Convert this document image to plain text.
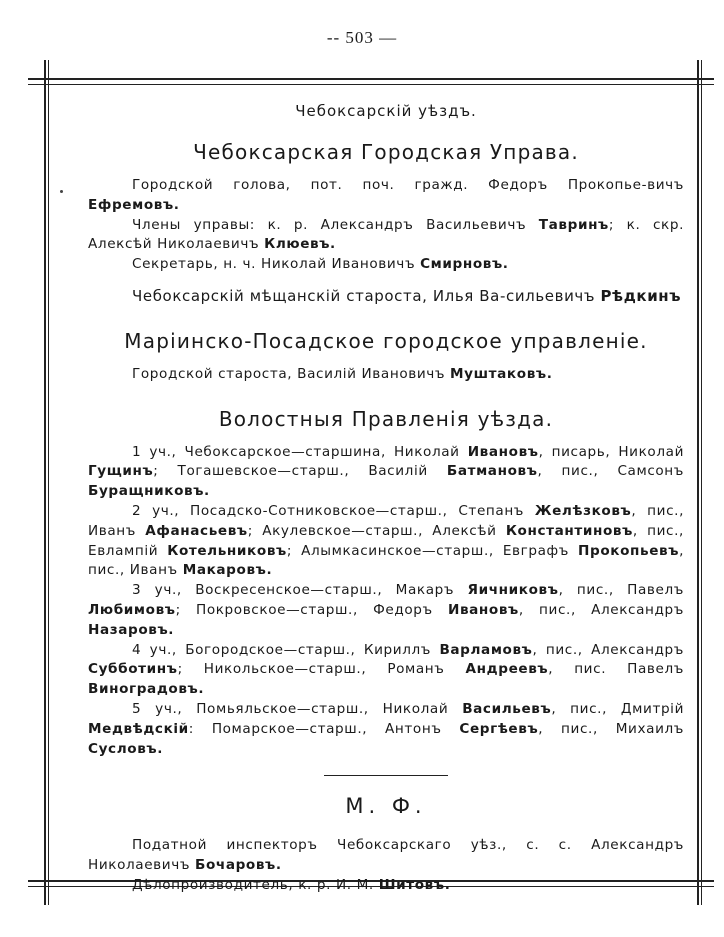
-- 503 —
Чебоксарскій уѣздъ.
Чебоксарская Городская Управа.

Городской голова, пот. поч. гражд. Федоръ Прокопье-вичъ Ефремовъ.

Члены управы: к. р. Александръ Васильевичъ Тавринъ; к. скр. Алексѣй Николаевичъ Клюевъ.

Секретарь, н. ч. Николай Ивановичъ Смирновъ.

Чебоксарскій мѣщанскій староста, Илья Ва-сильевичъ Рѣдкинъ

Маріинско-Посадское городское управленіе.

Городской староста, Василій Ивановичъ Муштаковъ.

Волостныя Правленія уѣзда.

1 уч., Чебоксарское—старшина, Николай Ивановъ, писарь, Николай Гущинъ; Тогашевское—старш., Василій Батмановъ, пис., Самсонъ Буращниковъ.

2 уч., Посадско-Сотниковское—старш., Степанъ Желѣзковъ, пис., Иванъ Афанасьевъ; Акулевское—старш., Алексѣй Константиновъ, пис., Евлампій Котельниковъ; Алымкасинское—старш., Евграфъ Прокопьевъ, пис., Иванъ Макаровъ.

3 уч., Воскресенское—старш., Макаръ Яичниковъ, пис., Павелъ Любимовъ; Покровское—старш., Федоръ Ивановъ, пис., Александръ Назаровъ.

4 уч., Богородское—старш., Кириллъ Варламовъ, пис., Александръ Субботинъ; Никольское—старш., Романъ Андреевъ, пис. Павелъ Виноградовъ.

5 уч., Помьяльское—старш., Николай Васильевъ, пис., Дмитрій Медвѣдскій: Помарское—старш., Антонъ Сергѣевъ, пис., Михаилъ Сусловъ.

М. Ф.

Податной инспекторъ Чебоксарскаго уѣз., с. с. Александръ Николаевичъ Бочаровъ.

Дѣлопроизводитель, к. р. И. М. Шитовъ.
